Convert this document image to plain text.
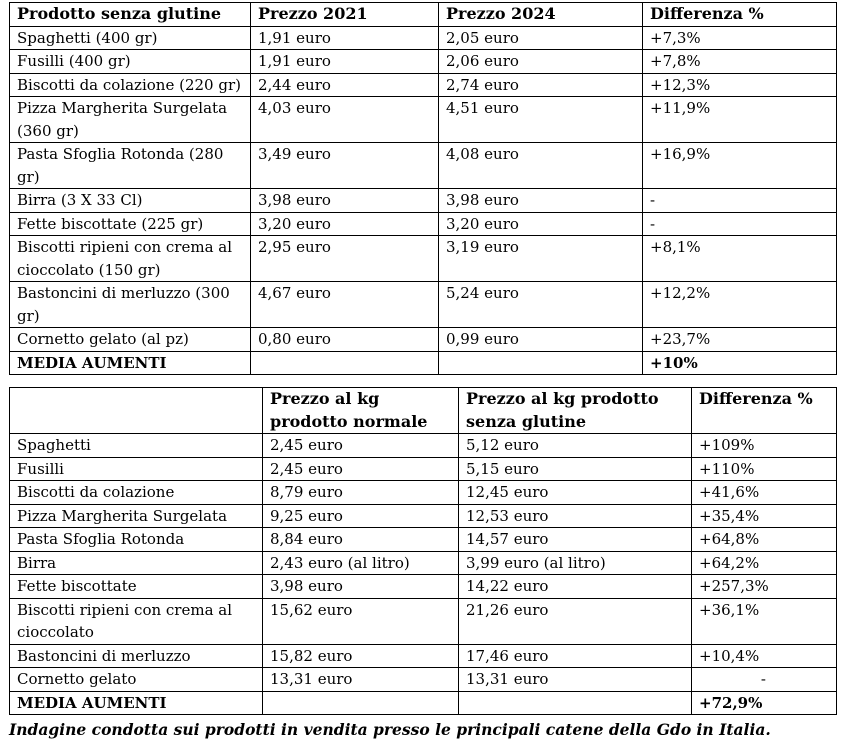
Prodotto senza glutine	Prezzo 2021	Prezzo 2024	Differenza %
Spaghetti (400 gr)	1,91 euro	2,05 euro	+7,3%
Fusilli (400 gr)	1,91 euro	2,06 euro	+7,8%
Biscotti da colazione (220 gr)	2,44 euro	2,74 euro	+12,3%
Pizza Margherita Surgelata (360 gr)	4,03 euro	4,51 euro	+11,9%
Pasta Sfoglia Rotonda (280 gr)	3,49 euro	4,08 euro	+16,9%
Birra (3 X 33 Cl)	3,98 euro	3,98 euro	-
Fette biscottate (225 gr)	3,20 euro	3,20 euro	-
Biscotti ripieni con crema al cioccolato (150 gr)	2,95 euro	3,19 euro	+8,1%
Bastoncini di merluzzo (300 gr)	4,67 euro	5,24 euro	+12,2%
Cornetto gelato (al pz)	0,80 euro	0,99 euro	+23,7%
MEDIA AUMENTI			+10%
	Prezzo al kg prodotto normale	Prezzo al kg prodotto senza glutine	Differenza %
Spaghetti	2,45 euro	5,12 euro	+109%
Fusilli	2,45 euro	5,15 euro	+110%
Biscotti da colazione	8,79 euro	12,45 euro	+41,6%
Pizza Margherita Surgelata	9,25 euro	12,53 euro	+35,4%
Pasta Sfoglia Rotonda	8,84 euro	14,57 euro	+64,8%
Birra	2,43 euro (al litro)	3,99 euro (al litro)	+64,2%
Fette biscottate	3,98 euro	14,22 euro	+257,3%
Biscotti ripieni con crema al cioccolato	15,62 euro	21,26 euro	+36,1%
Bastoncini di merluzzo	15,82 euro	17,46 euro	+10,4%
Cornetto gelato	13,31 euro	13,31 euro	-
MEDIA AUMENTI			+72,9%
Indagine condotta sui prodotti in vendita presso le principali catene della Gdo in Italia.
